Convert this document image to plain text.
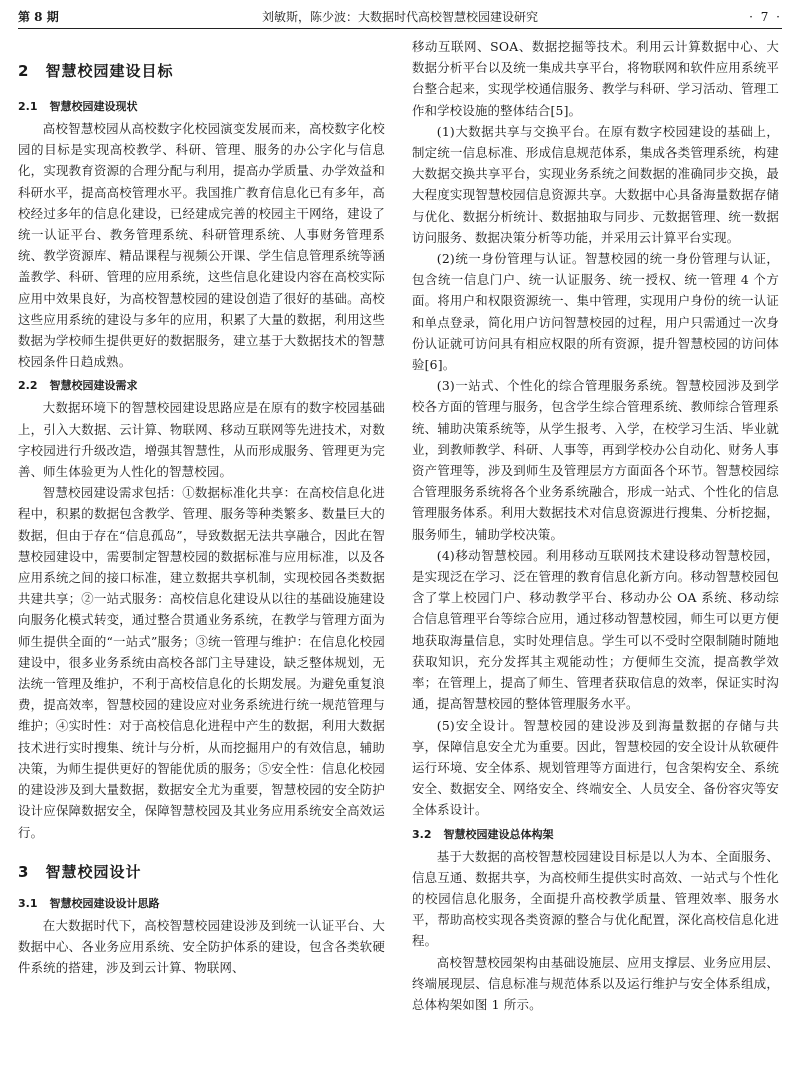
第 8 期	刘敏斯，陈少波：大数据时代高校智慧校园建设研究	· 7 ·
2 智慧校园建设目标
2.1 智慧校园建设现状

高校智慧校园从高校数字化校园演变发展而来，高校数字化校园的目标是实现高校教学、科研、管理、服务的办公字化与信息化，实现教育资源的合理分配与利用，提高办学质量、办学效益和科研水平，提高高校管理水平。我国推广教育信息化已有多年，高校经过多年的信息化建设，已经建成完善的校园主干网络，建设了统一认证平台、教务管理系统、科研管理系统、人事财务管理系统、教学资源库、精品课程与视频公开课、学生信息管理系统等涵盖教学、科研、管理的应用系统，这些信息化建设内容在高校实际应用中效果良好，为高校智慧校园的建设创造了很好的基础。高校这些应用系统的建设与多年的应用，积累了大量的数据，利用这些数据为学校师生提供更好的数据服务，建立基于大数据技术的智慧校园条件日趋成熟。

2.2 智慧校园建设需求

大数据环境下的智慧校园建设思路应是在原有的数字校园基础上，引入大数据、云计算、物联网、移动互联网等先进技术，对数字校园进行升级改造，增强其智慧性，从而形成服务、管理更为完善、师生体验更为人性化的智慧校园。

智慧校园建设需求包括：①数据标准化共享：在高校信息化进程中，积累的数据包含教学、管理、服务等种类繁多、数量巨大的数据，但由于存在“信息孤岛”，导致数据无法共享融合，因此在智慧校园建设中，需要制定智慧校园的数据标准与应用标准，以及各应用系统之间的接口标准，建立数据共享机制，实现校园各类数据共建共享；②一站式服务：高校信息化建设从以往的基础设施建设向服务化模式转变，通过整合贯通业务系统，在教学与管理方面为师生提供全面的“一站式”服务；③统一管理与维护：在信息化校园建设中，很多业务系统由高校各部门主导建设，缺乏整体规划，无法统一管理及维护，不利于高校信息化的长期发展。为避免重复浪费，提高效率，智慧校园的建设应对业务系统进行统一规范管理与维护；④实时性：对于高校信息化进程中产生的数据，利用大数据技术进行实时搜集、统计与分析，从而挖掘用户的有效信息，辅助决策，为师生提供更好的智能优质的服务；⑤安全性：信息化校园的建设涉及到大量数据，数据安全尤为重要，智慧校园的安全防护设计应保障数据安全，保障智慧校园及其业务应用系统安全高效运行。

3 智慧校园设计
3.1 智慧校园建设设计思路

在大数据时代下，高校智慧校园建设涉及到统一认证平台、大数据中心、各业务应用系统、安全防护体系的建设，包含各类软硬件系统的搭建，涉及到云计算、物联网、

移动互联网、SOA、数据挖掘等技术。利用云计算数据中心、大数据分析平台以及统一集成共享平台，将物联网和软件应用系统平台整合起来，实现学校通信服务、教学与科研、学习活动、管理工作和学校设施的整体结合[5]。

(1)大数据共享与交换平台。在原有数字校园建设的基础上，制定统一信息标准、形成信息规范体系，集成各类管理系统，构建大数据交换共享平台，实现业务系统之间数据的准确同步交换，最大程度实现智慧校园信息资源共享。大数据中心具备海量数据存储与优化、数据分析统计、数据抽取与同步、元数据管理、统一数据访问服务、数据决策分析等功能，并采用云计算平台实现。

(2)统一身份管理与认证。智慧校园的统一身份管理与认证，包含统一信息门户、统一认证服务、统一授权、统一管理 4 个方面。将用户和权限资源统一、集中管理，实现用户身份的统一认证和单点登录，简化用户访问智慧校园的过程，用户只需通过一次身份认证就可访问具有相应权限的所有资源，提升智慧校园的访问体验[6]。

(3)一站式、个性化的综合管理服务系统。智慧校园涉及到学校各方面的管理与服务，包含学生综合管理系统、教师综合管理系统、辅助决策系统等，从学生报考、入学，在校学习生活、毕业就业，到教师教学、科研、人事等，再到学校办公自动化、财务人事资产管理等，涉及到师生及管理层方方面面各个环节。智慧校园综合管理服务系统将各个业务系统融合，形成一站式、个性化的信息管理服务体系。利用大数据技术对信息资源进行搜集、分析挖掘，服务师生，辅助学校决策。

(4)移动智慧校园。利用移动互联网技术建设移动智慧校园，是实现泛在学习、泛在管理的教育信息化新方向。移动智慧校园包含了掌上校园门户、移动教学平台、移动办公 OA 系统、移动综合信息管理平台等综合应用，通过移动智慧校园，师生可以更方便地获取海量信息，实时处理信息。学生可以不受时空限制随时随地获取知识，充分发挥其主观能动性；方便师生交流，提高教学效率；在管理上，提高了师生、管理者获取信息的效率，保证实时沟通，提高智慧校园的整体管理服务水平。

(5)安全设计。智慧校园的建设涉及到海量数据的存储与共享，保障信息安全尤为重要。因此，智慧校园的安全设计从软硬件运行环境、安全体系、规划管理等方面进行，包含架构安全、系统安全、数据安全、网络安全、终端安全、人员安全、备份容灾等安全体系设计。

3.2 智慧校园建设总体构架

基于大数据的高校智慧校园建设目标是以人为本、全面服务、信息互通、数据共享，为高校师生提供实时高效、一站式与个性化的校园信息化服务，全面提升高校教学质量、管理效率、服务水平，帮助高校实现各类资源的整合与优化配置，深化高校信息化进程。

高校智慧校园架构由基础设施层、应用支撑层、业务应用层、终端展现层、信息标准与规范体系以及运行维护与安全体系组成，总体构架如图 1 所示。
